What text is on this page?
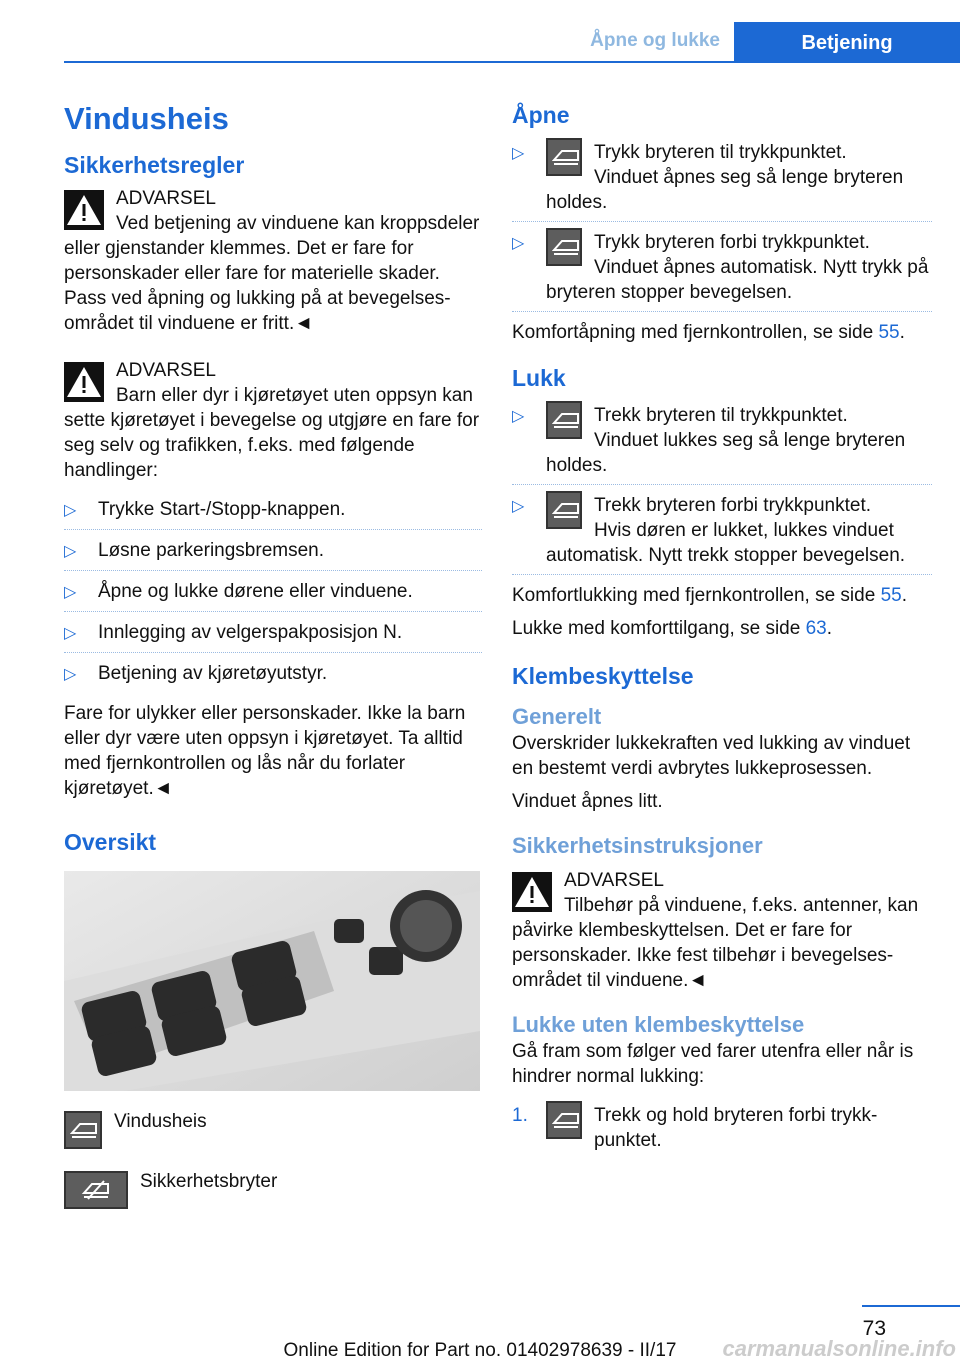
Åpne og lukke	Betjening
Vindusheis
Sikkerhetsregler
ADVARSEL
Ved betjening av vinduene kan kroppsdeler eller gjenstander klemmes. Det er fare for personskader eller fare for materielle skader. Pass ved åpning og lukking på at bevegelsesområdet til vinduene er fritt.◄
ADVARSEL
Barn eller dyr i kjøretøyet uten oppsyn kan sette kjøretøyet i bevegelse og utgjøre en fare for seg selv og trafikken, f.eks. med følgende handlinger:
▷ Trykke Start-/Stopp-knappen.
▷ Løsne parkeringsbremsen.
▷ Åpne og lukke dørene eller vinduene.
▷ Innlegging av velgerspakposisjon N.
▷ Betjening av kjøretøyutstyr.

Fare for ulykker eller personskader. Ikke la barn eller dyr være uten oppsyn i kjøretøyet. Ta alltid med fjernkontrollen og lås når du forlater kjøretøyet.◄

Oversikt
Vindusheis
Sikkerhetsbryter
Åpne
▷	Trykk bryteren til trykkpunktet.
Vinduet åpnes seg så lenge bryteren holdes.
▷	Trykk bryteren forbi trykkpunktet.
Vinduet åpnes automatisk. Nytt trykk på bryteren stopper bevegelsen.

Komfortåpning med fjernkontrollen, se side 55.

Lukk
▷	Trekk bryteren til trykkpunktet.
Vinduet lukkes seg så lenge bryteren holdes.
▷	Trekk bryteren forbi trykkpunktet.
Hvis døren er lukket, lukkes vinduet automatisk. Nytt trekk stopper bevegelsen.

Komfortlukking med fjernkontrollen, se side 55.

Lukke med komforttilgang, se side 63.

Klembeskyttelse
Generelt

Overskrider lukkekraften ved lukking av vinduet en bestemt verdi avbrytes lukkeprosessen.

Vinduet åpnes litt.

Sikkerhetsinstruksjoner
ADVARSEL
Tilbehør på vinduene, f.eks. antenner, kan påvirke klembeskyttelsen. Det er fare for personskader. Ikke fest tilbehør i bevegelsesområdet til vinduene.◄
Lukke uten klembeskyttelse

Gå fram som følger ved farer utenfra eller når is hindrer normal lukking:

1.	Trekk og hold bryteren forbi trykkpunktet.
73
Online Edition for Part no. 01402978639 - II/17	carmanualsonline.info
